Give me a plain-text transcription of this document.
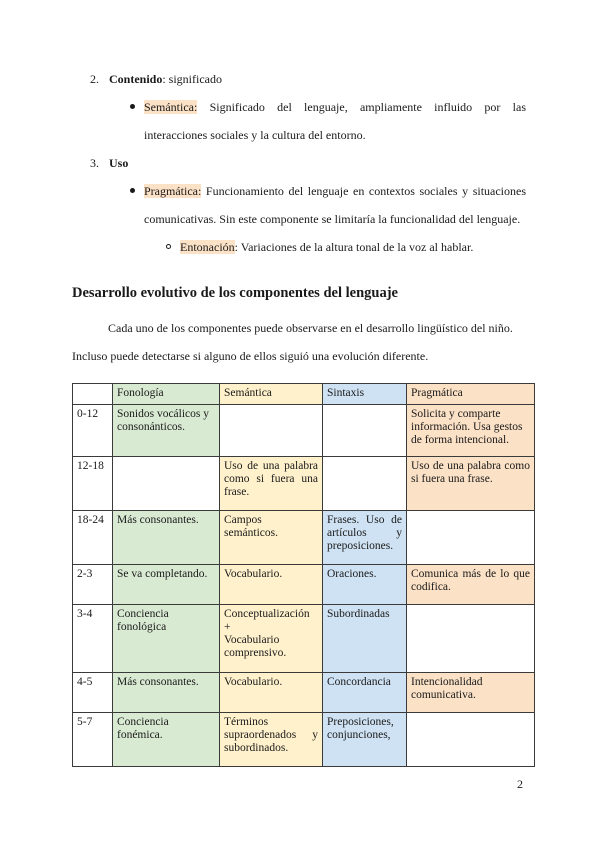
2. Contenido: significado
Semántica: Significado del lenguaje, ampliamente influido por las
interacciones sociales y la cultura del entorno.
3. Uso
Pragmática: Funcionamiento del lenguaje en contextos sociales y situaciones
comunicativas. Sin este componente se limitaría la funcionalidad del lenguaje.
Entonación: Variaciones de la altura tonal de la voz al hablar.
Desarrollo evolutivo de los componentes del lenguaje
Cada uno de los componentes puede observarse en el desarrollo lingüístico del niño.
Incluso puede detectarse si alguno de ellos siguió una evolución diferente.
	Fonología	Semántica	Sintaxis	Pragmática
0-12	Sonidos vocálicos y consonánticos.			Solicita y comparte información. Usa gestos de forma intencional.
12-18		Uso de una palabra como si fuera una frase.		Uso de una palabra como si fuera una frase.
18-24	Más consonantes.	Campos semánticos.	Frases. Uso de artículos y preposiciones.	
2-3	Se va completando.	Vocabulario.	Oraciones.	Comunica más de lo que codifica.
3-4	Conciencia fonológica	Conceptualización
+
Vocabulario comprensivo.	Subordinadas	
4-5	Más consonantes.	Vocabulario.	Concordancia	Intencionalidad comunicativa.
5-7	Conciencia fonémica.	Términos supraordenados y subordinados.	Preposiciones, conjunciones,	
2
